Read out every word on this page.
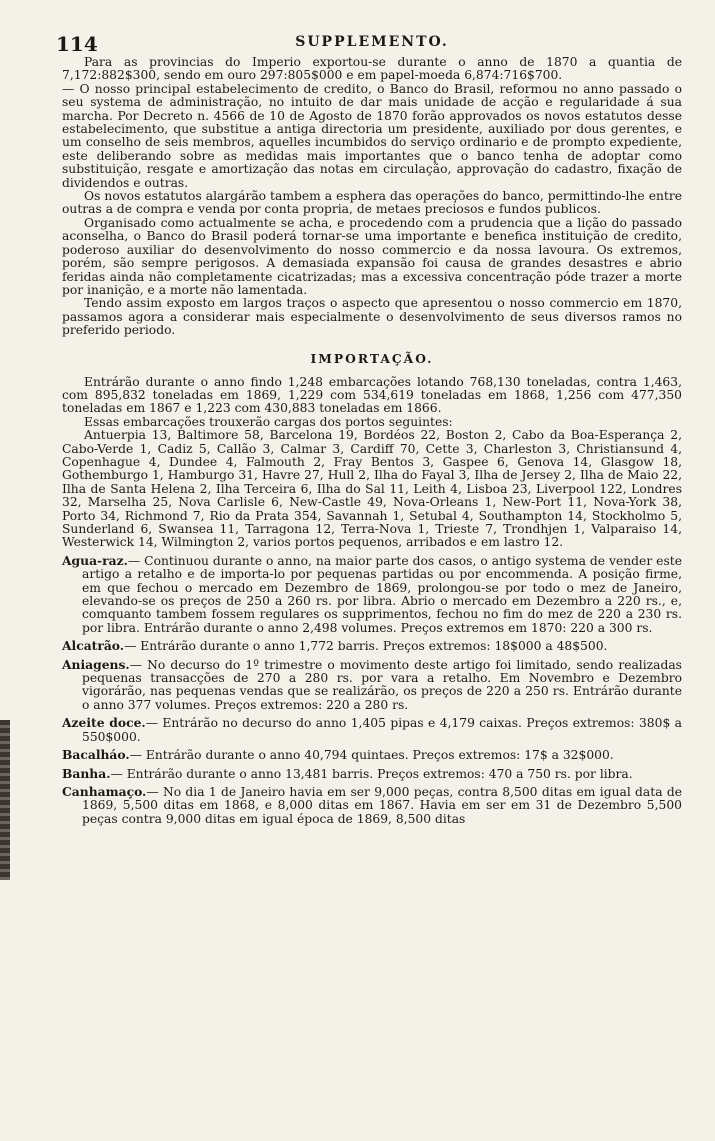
114	SUPPLEMENTO.

Para as provincias do Imperio exportou-se durante o anno de 1870 a quantia de 7,172:882$300, sendo em ouro 297:805$000 e em papel-moeda 6,874:716$700.

— O nosso principal estabelecimento de credito, o Banco do Brasil, reformou no anno passado o seu systema de administração, no intuito de dar mais unidade de acção e regularidade á sua marcha. Por Decreto n. 4566 de 10 de Agosto de 1870 forão approvados os novos estatutos desse estabelecimento, que substitue a antiga directoria um presidente, auxiliado por dous gerentes, e um conselho de seis membros, aquelles incumbidos do serviço ordinario e de prompto expediente, este deliberando sobre as medidas mais importantes que o banco tenha de adoptar como substituição, resgate e amortização das notas em circulação, approvação do cadastro, fixação de dividendos e outras.

Os novos estatutos alargárão tambem a esphera das operações do banco, permittindo-lhe entre outras a de compra e venda por conta propria, de metaes preciosos e fundos publicos.

Organisado como actualmente se acha, e procedendo com a prudencia que a lição do passado aconselha, o Banco do Brasil poderá tornar-se uma importante e benefica instituição de credito, poderoso auxiliar do desenvolvimento do nosso commercio e da nossa lavoura. Os extremos, porém, são sempre perigosos. A demasiada expansão foi causa de grandes desastres e abrio feridas ainda não completamente cicatrizadas; mas a excessiva concentração póde trazer a morte por inanição, e a morte não lamentada.

Tendo assim exposto em largos traços o aspecto que apresentou o nosso commercio em 1870, passamos agora a considerar mais especialmente o desenvolvimento de seus diversos ramos no preferido periodo.

IMPORTAÇÃO.

Entrárão durante o anno findo 1,248 embarcações lotando 768,130 toneladas, contra 1,463, com 895,832 toneladas em 1869, 1,229 com 534,619 toneladas em 1868, 1,256 com 477,350 toneladas em 1867 e 1,223 com 430,883 toneladas em 1866.

Essas embarcações trouxerão cargas dos portos seguintes:

Antuerpia 13, Baltimore 58, Barcelona 19, Bordéos 22, Boston 2, Cabo da Boa-Esperança 2, Cabo-Verde 1, Cadiz 5, Callão 3, Calmar 3, Cardiff 70, Cette 3, Charleston 3, Christiansund 4, Copenhague 4, Dundee 4, Falmouth 2, Fray Bentos 3, Gaspee 6, Genova 14, Glasgow 18, Gothemburgo 1, Hamburgo 31, Havre 27, Hull 2, Ilha do Fayal 3, Ilha de Jersey 2, Ilha de Maio 22, Ilha de Santa Helena 2, Ilha Terceira 6, Ilha do Sal 11, Leith 4, Lisboa 23, Liverpool 122, Londres 32, Marselha 25, Nova Carlisle 6, New-Castle 49, Nova-Orleans 1, New-Port 11, Nova-York 38, Porto 34, Richmond 7, Rio da Prata 354, Savannah 1, Setubal 4, Southampton 14, Stockholmo 5, Sunderland 6, Swansea 11, Tarragona 12, Terra-Nova 1, Trieste 7, Trondhjen 1, Valparaiso 14, Westerwick 14, Wilmington 2, varios portos pequenos, arribados e em lastro 12.

Agua-raz.— Continuou durante o anno, na maior parte dos casos, o antigo systema de vender este artigo a retalho e de importa-lo por pequenas partidas ou por encommenda. A posição firme, em que fechou o mercado em Dezembro de 1869, prolongou-se por todo o mez de Janeiro, elevando-se os preços de 250 a 260 rs. por libra. Abrio o mercado em Dezembro a 220 rs., e, comquanto tambem fossem regulares os supprimentos, fechou no fim do mez de 220 a 230 rs. por libra. Entrárão durante o anno 2,498 volumes. Preços extremos em 1870: 220 a 300 rs.

Alcatrão.— Entrárão durante o anno 1,772 barris. Preços extremos: 18$000 a 48$500.

Aniagens.— No decurso do 1º trimestre o movimento deste artigo foi limitado, sendo realizadas pequenas transacções de 270 a 280 rs. por vara a retalho. Em Novembro e Dezembro vigorárão, nas pequenas vendas que se realizárão, os preços de 220 a 250 rs. Entrárão durante o anno 377 volumes. Preços extremos: 220 a 280 rs.

Azeite doce.— Entrárão no decurso do anno 1,405 pipas e 4,179 caixas. Preços extremos: 380$ a 550$000.

Bacalháo.— Entrárão durante o anno 40,794 quintaes. Preços extremos: 17$ a 32$000.

Banha.— Entrárão durante o anno 13,481 barris. Preços extremos: 470 a 750 rs. por libra.

Canhamaço.— No dia 1 de Janeiro havia em ser 9,000 peças, contra 8,500 ditas em igual data de 1869, 5,500 ditas em 1868, e 8,000 ditas em 1867. Havia em ser em 31 de Dezembro 5,500 peças contra 9,000 ditas em igual época de 1869, 8,500 ditas
